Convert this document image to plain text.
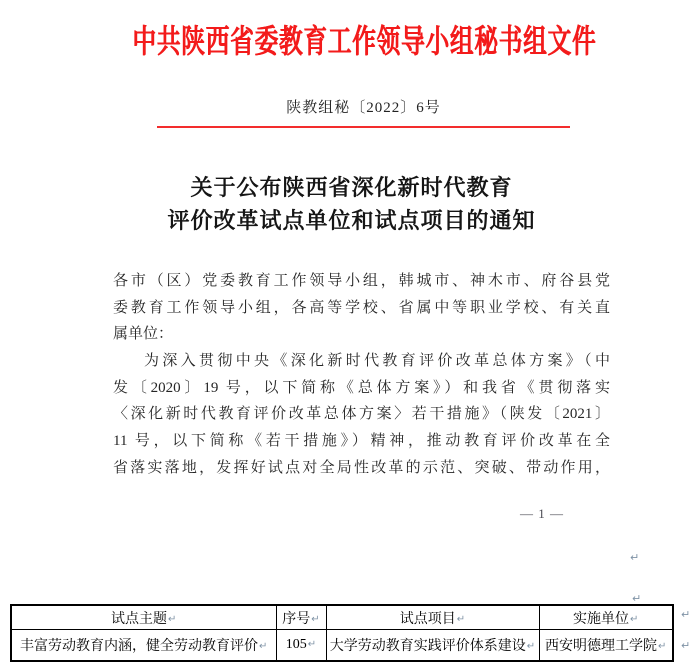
中共陕西省委教育工作领导小组秘书组文件
陕教组秘〔2022〕6号
关于公布陕西省深化新时代教育
评价改革试点单位和试点项目的通知
各市（区）党委教育工作领导小组，韩城市、神木市、府谷县党
委教育工作领导小组，各高等学校、省属中等职业学校、有关直
属单位：
为深入贯彻中央《深化新时代教育评价改革总体方案》（中
发〔2020〕19 号，以下简称《总体方案》）和我省《贯彻落实
〈深化新时代教育评价改革总体方案〉若干措施》（陕发〔2021〕
11 号，以下简称《若干措施》）精神，推动教育评价改革在全
省落实落地，发挥好试点对全局性改革的示范、突破、带动作用，
— 1 —
↵
↵
试点主题↵	序号↵	试点项目↵	实施单位↵
丰富劳动教育内涵，健全劳动教育评价↵	105↵	大学劳动教育实践评价体系建设↵	西安明德理工学院↵
↵
↵
